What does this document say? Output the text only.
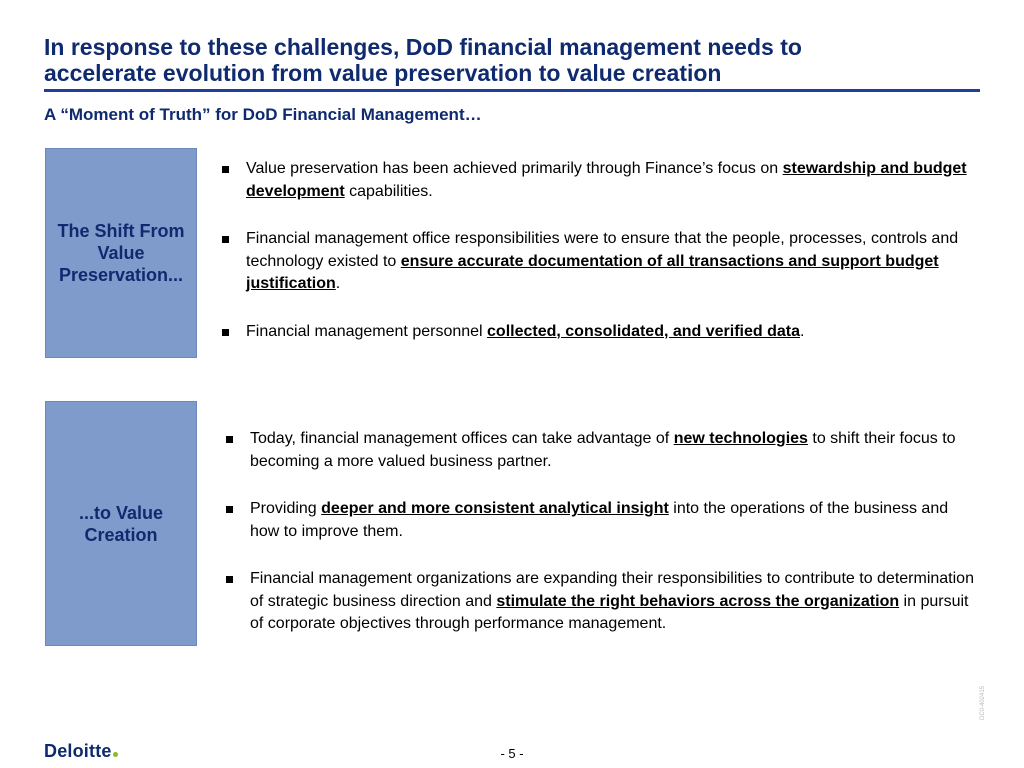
In response to these challenges, DoD financial management needs to
accelerate evolution from value preservation to value creation
A “Moment of Truth” for DoD Financial Management…
The Shift From Value Preservation...
Value preservation has been achieved primarily through Finance’s focus on stewardship and budget development capabilities.
Financial management office responsibilities were to ensure that the people, processes, controls and technology existed to ensure accurate documentation of all transactions and support budget justification.
Financial management personnel collected, consolidated, and verified data.
...to Value Creation
Today, financial management offices can take advantage of new technologies to shift their focus to becoming a more valued business partner.
Providing deeper and more consistent analytical insight into the operations of the business and how to improve them.
Financial management organizations are expanding their responsibilities to contribute to determination of strategic business direction and stimulate the right behaviors across the organization in pursuit of corporate objectives through performance management.
Deloitte	- 5 -
DC0-402415
